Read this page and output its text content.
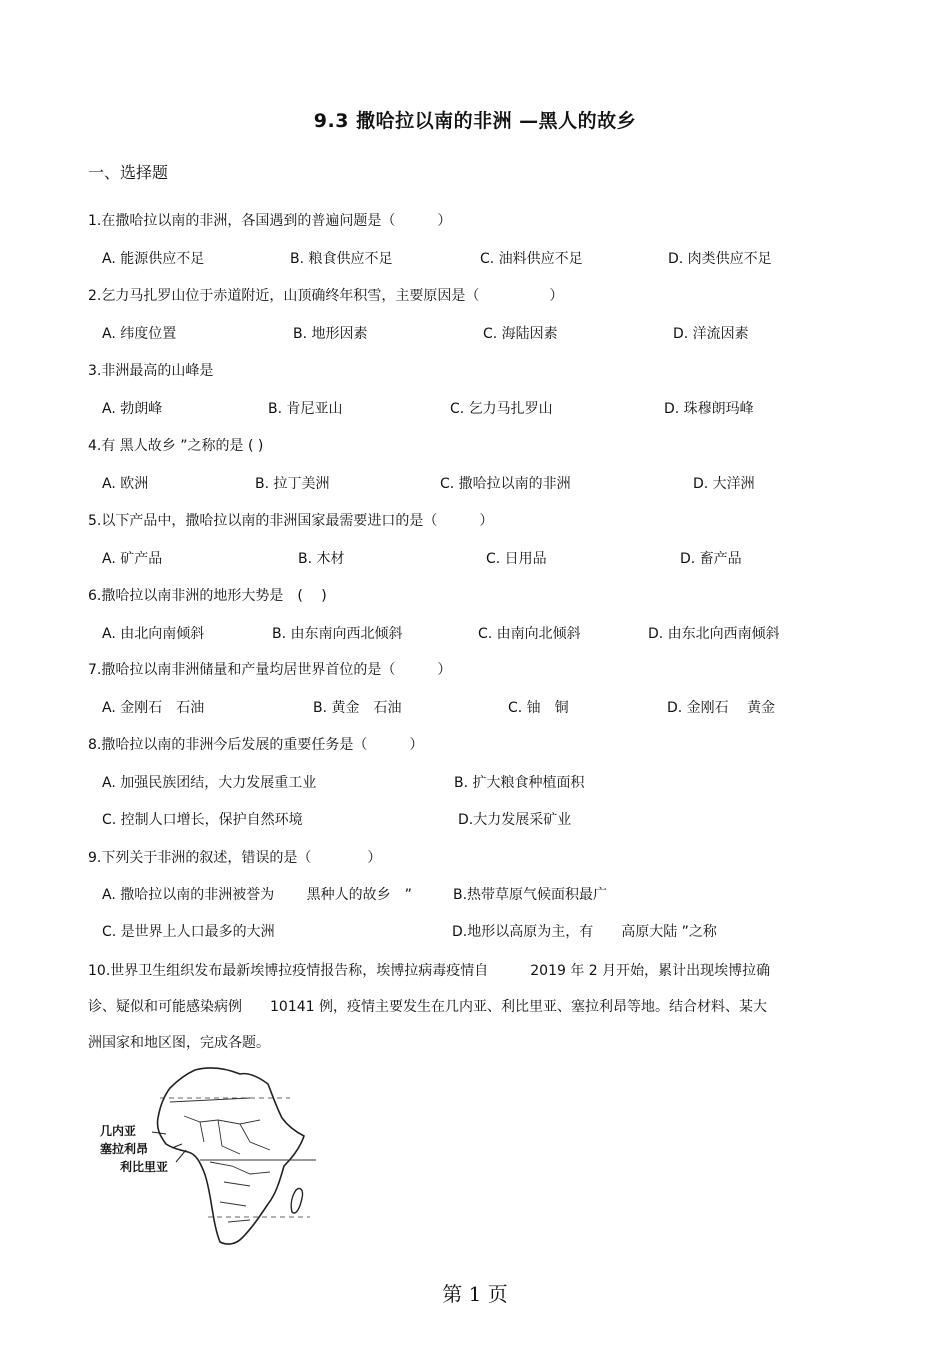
9.3 撒哈拉以南的非洲 —黑人的故乡
一、选择题
1.在撒哈拉以南的非洲，各国遇到的普遍问题是（　　　）
A. 能源供应不足	B. 粮食供应不足	C. 油料供应不足	D. 肉类供应不足
2.乞力马扎罗山位于赤道附近，山顶确终年积雪，主要原因是（　　　　　）
A. 纬度位置	B. 地形因素	C. 海陆因素	D. 洋流因素
3.非洲最高的山峰是
A. 勃朗峰	B. 肯尼亚山	C. 乞力马扎罗山	D. 珠穆朗玛峰
4.有 黑人故乡 ”之称的是 ( )
A. 欧洲	B. 拉丁美洲	C. 撒哈拉以南的非洲	D. 大洋洲
5.以下产品中，撒哈拉以南的非洲国家最需要进口的是（　　　）
A. 矿产品	B. 木材	C. 日用品	D. 畜产品
6.撒哈拉以南非洲的地形大势是　(　 )
A. 由北向南倾斜	B. 由东南向西北倾斜	C. 由南向北倾斜	D. 由东北向西南倾斜
7.撒哈拉以南非洲储量和产量均居世界首位的是（　　　）
A. 金刚石　石油	B. 黄金　石油	C. 铀　铜	D. 金刚石　 黄金
8.撒哈拉以南的非洲今后发展的重要任务是（　　　）
A. 加强民族团结，大力发展重工业	B. 扩大粮食种植面积
C. 控制人口增长，保护自然环境	D.大力发展采矿业
9.下列关于非洲的叙述，错误的是（　　　　）
A. 撒哈拉以南的非洲被誉为　　 黑种人的故乡　”	B.热带草原气候面积最广
C. 是世界上人口最多的大洲	D.地形以高原为主，有　　高原大陆 ”之称
10.世界卫生组织发布最新埃博拉疫情报告称，埃博拉病毒疫情自　　　2019 年 2 月开始，累计出现埃博拉确
诊、疑似和可能感染病例　　10141 例，疫情主要发生在几内亚、利比里亚、塞拉利昂等地。结合材料、某大
洲国家和地区图，完成各题。
几内亚
塞拉利昂
利比里亚
第 1 页
